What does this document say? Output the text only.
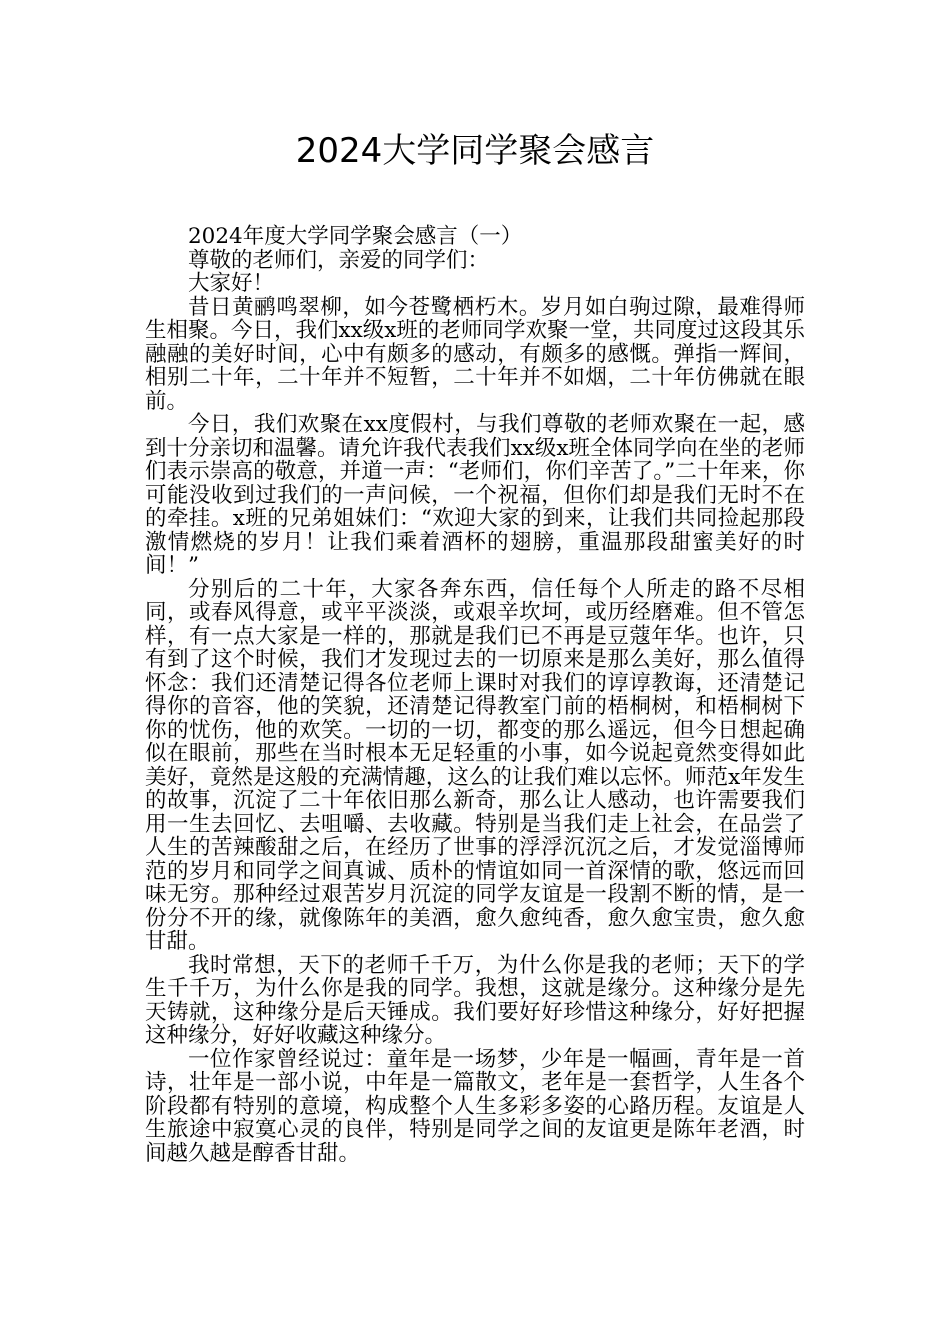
2024大学同学聚会感言

2024年度大学同学聚会感言（一）

尊敬的老师们，亲爱的同学们：

大家好！

昔日黄鹂鸣翠柳，如今苍鹭栖朽木。岁月如白驹过隙，最难得师生相聚。今日，我们xx级x班的老师同学欢聚一堂，共同度过这段其乐融融的美好时间，心中有颇多的感动，有颇多的感慨。弹指一辉间，相别二十年，二十年并不短暂，二十年并不如烟，二十年仿佛就在眼前。

今日，我们欢聚在xx度假村，与我们尊敬的老师欢聚在一起，感到十分亲切和温馨。请允许我代表我们xx级x班全体同学向在坐的老师们表示崇高的敬意，并道一声：“老师们，你们辛苦了。”二十年来，你可能没收到过我们的一声问候，一个祝福，但你们却是我们无时不在的牵挂。x班的兄弟姐妹们：“欢迎大家的到来，让我们共同捡起那段激情燃烧的岁月！让我们乘着酒杯的翅膀，重温那段甜蜜美好的时间！”

分别后的二十年，大家各奔东西，信任每个人所走的路不尽相同，或春风得意，或平平淡淡，或艰辛坎坷，或历经磨难。但不管怎样，有一点大家是一样的，那就是我们已不再是豆蔻年华。也许，只有到了这个时候，我们才发现过去的一切原来是那么美好，那么值得怀念：我们还清楚记得各位老师上课时对我们的谆谆教诲，还清楚记得你的音容，他的笑貌，还清楚记得教室门前的梧桐树，和梧桐树下你的忧伤，他的欢笑。一切的一切，都变的那么遥远，但今日想起确似在眼前，那些在当时根本无足轻重的小事，如今说起竟然变得如此美好，竟然是这般的充满情趣，这么的让我们难以忘怀。师范x年发生的故事，沉淀了二十年依旧那么新奇，那么让人感动，也许需要我们用一生去回忆、去咀嚼、去收藏。特别是当我们走上社会，在品尝了人生的苦辣酸甜之后，在经历了世事的浮浮沉沉之后，才发觉淄博师范的岁月和同学之间真诚、质朴的情谊如同一首深情的歌，悠远而回味无穷。那种经过艰苦岁月沉淀的同学友谊是一段割不断的情，是一份分不开的缘，就像陈年的美酒，愈久愈纯香，愈久愈宝贵，愈久愈甘甜。

我时常想，天下的老师千千万，为什么你是我的老师；天下的学生千千万，为什么你是我的同学。我想，这就是缘分。这种缘分是先天铸就，这种缘分是后天锤成。我们要好好珍惜这种缘分，好好把握这种缘分，好好收藏这种缘分。

一位作家曾经说过：童年是一场梦，少年是一幅画，青年是一首诗，壮年是一部小说，中年是一篇散文，老年是一套哲学，人生各个阶段都有特别的意境，构成整个人生多彩多姿的心路历程。友谊是人生旅途中寂寞心灵的良伴，特别是同学之间的友谊更是陈年老酒，时间越久越是醇香甘甜。
